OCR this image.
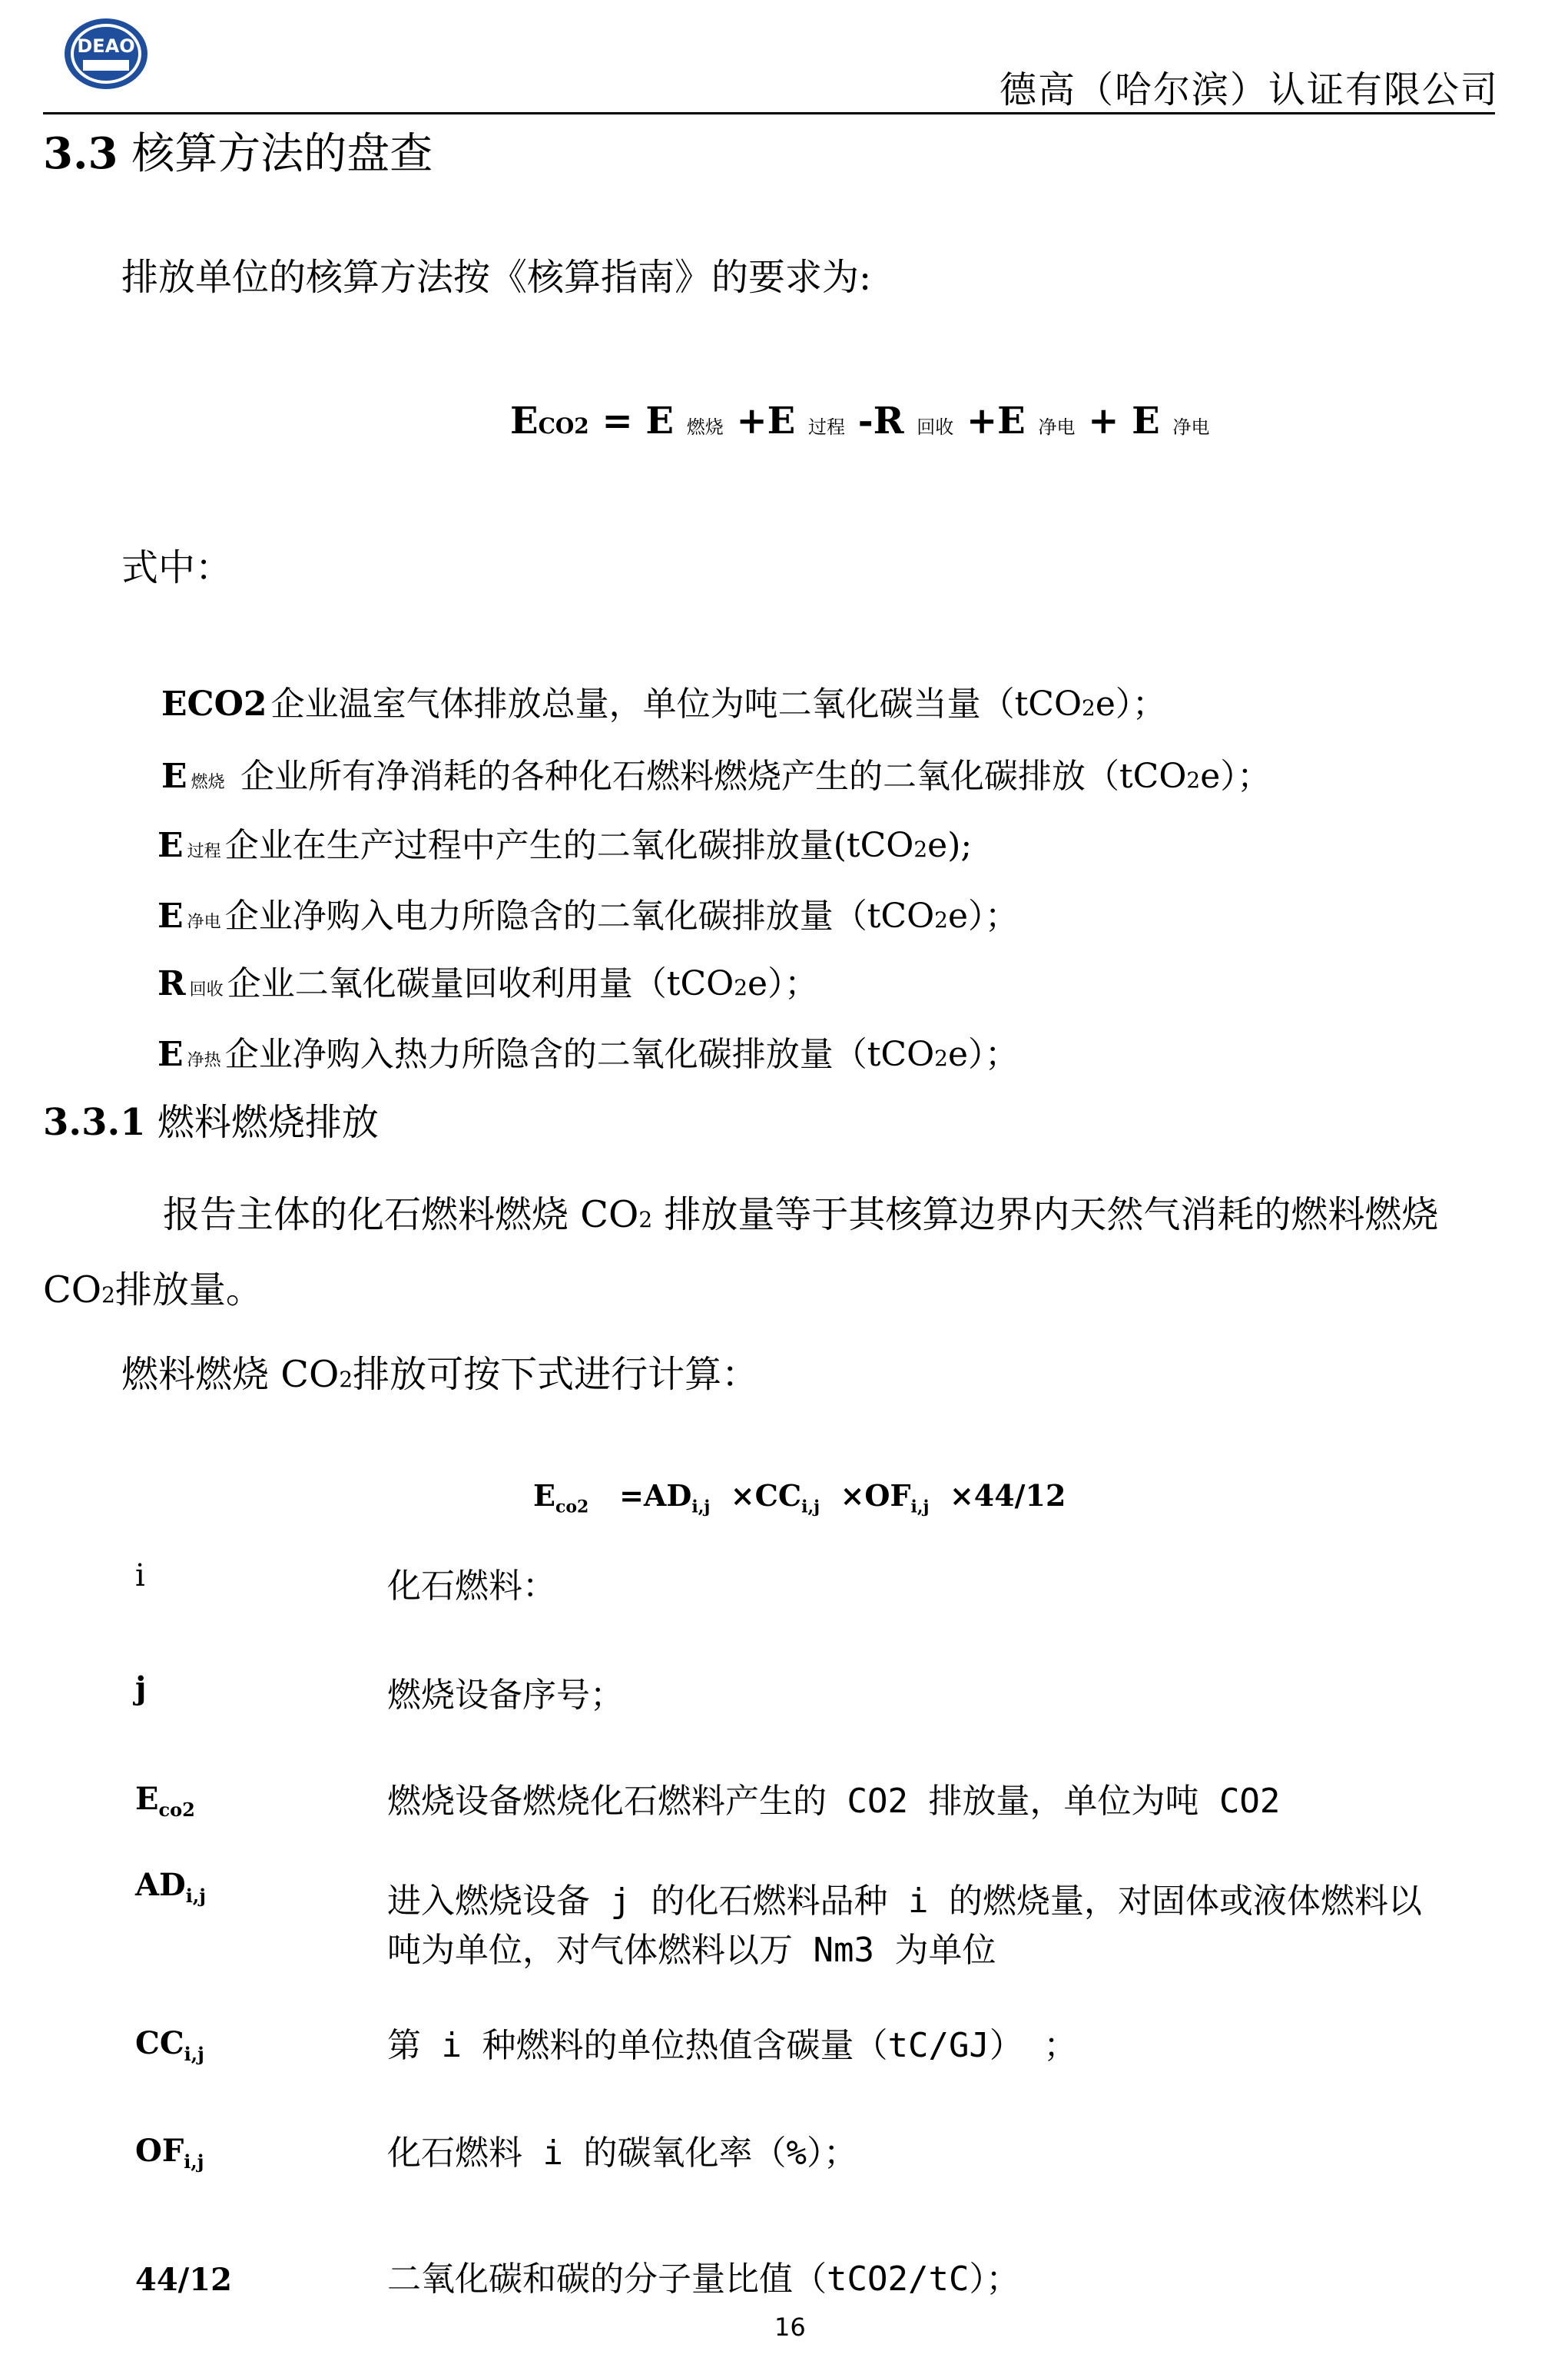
DEAO
德高（哈尔滨）认证有限公司
3.3 核算方法的盘查
排放单位的核算方法按《核算指南》的要求为:
ECO2 = E 燃烧 +E 过程 -R 回收 +E 净电 + E 净电
式中：
ECO2 企业温室气体排放总量，单位为吨二氧化碳当量（tCO2e）；
E 燃烧 企业所有净消耗的各种化石燃料燃烧产生的二氧化碳排放（tCO2e）；
E 过程 企业在生产过程中产生的二氧化碳排放量(tCO2e);
E 净电 企业净购入电力所隐含的二氧化碳排放量（tCO2e）；
R 回收 企业二氧化碳量回收利用量（tCO2e）；
E 净热 企业净购入热力所隐含的二氧化碳排放量（tCO2e）；
3.3.1 燃料燃烧排放
报告主体的化石燃料燃烧 CO2 排放量等于其核算边界内天然气消耗的燃料燃烧
CO2排放量。
燃料燃烧 CO2排放可按下式进行计算：
$E_{co2} =AD_{i,j} \times CC_{i,j} \times OF_{i,j} \times 44/12$
i	化石燃料：
j	燃烧设备序号；
$E_{co2}$	燃烧设备燃烧化石燃料产生的 CO2 排放量，单位为吨 CO2
$AD_{i,j}$	进入燃烧设备 j 的化石燃料品种 i 的燃烧量，对固体或液体燃料以
吨为单位，对气体燃料以万 Nm3 为单位
$CC_{i,j}$	第 i 种燃料的单位热值含碳量（tC/GJ） ；
$OF_{i,j}$	化石燃料 i 的碳氧化率（%）；
44/12	二氧化碳和碳的分子量比值（tCO2/tC）；
16
